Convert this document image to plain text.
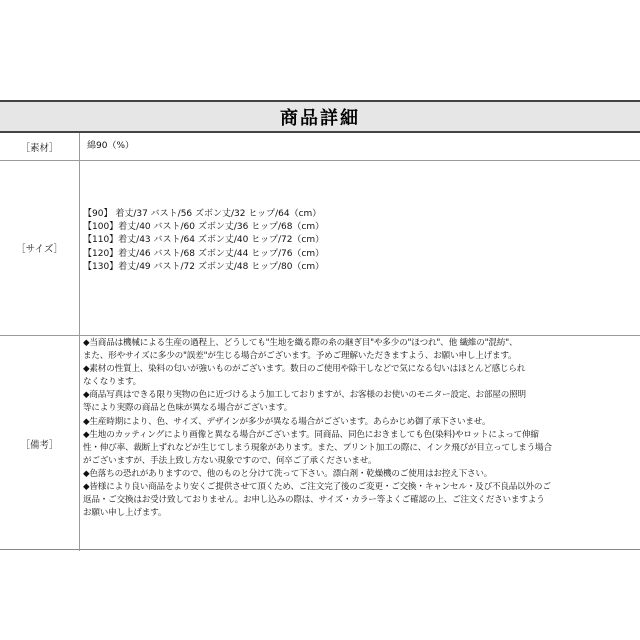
商品詳細
［素材］	綿90（%）
［サイズ］
【90】 着丈/37 バスト/56 ズボン丈/32 ヒップ/64（cm）
【100】着丈/40 バスト/60 ズボン丈/36 ヒップ/68（cm）
【110】着丈/43 バスト/64 ズボン丈/40 ヒップ/72（cm）
【120】着丈/46 バスト/68 ズボン丈/44 ヒップ/76（cm）
【130】着丈/49 バスト/72 ズボン丈/48 ヒップ/80（cm）
［備考］
◆当商品は機械による生産の過程上、どうしても"生地を織る際の糸の継ぎ目"や多少の"ほつれ"、他 繊維の"混紡"、
また、形やサイズに多少の"誤差"が生じる場合がございます。予めご理解いただきますよう、お願い申し上げます。
◆素材の性質上、染料の匂いが強いものがございます。数日のご使用や除干しなどで気になる匂いはほとんど感じられ
なくなります。
◆商品写真はできる限り実物の色に近づけるよう加工しておりますが、お客様のお使いのモニター設定、お部屋の照明
等により実際の商品と色味が異なる場合がございます。
◆生産時期により、色、サイズ、デザインが多少が異なる場合がございます。あらかじめ御了承下さいませ。
◆生地のカッティングにより画像と異なる場合がございます。同商品、同色におきましても色(染料)やロットによって伸縮
性・伸び率、裁断上ずれなどが生じてしまう現象があります。また、プリント加工の際に、インク飛びが目立ってしまう場合
がございますが、手法上致し方ない現象ですので、何卒ご了承くださいませ。
◆色落ちの恐れがありますので、他のものと分けて洗って下さい。漂白剤・乾燥機のご使用はお控え下さい。
◆皆様により良い商品をより安くご提供させて頂くため、ご注文完了後のご変更・ご交換・キャンセル・及び不良品以外のご
返品・ご交換はお受け致しておりません。お申し込みの際は、サイズ・カラー等よくご確認の上、ご注文くださいますよう
お願い申し上げます。
